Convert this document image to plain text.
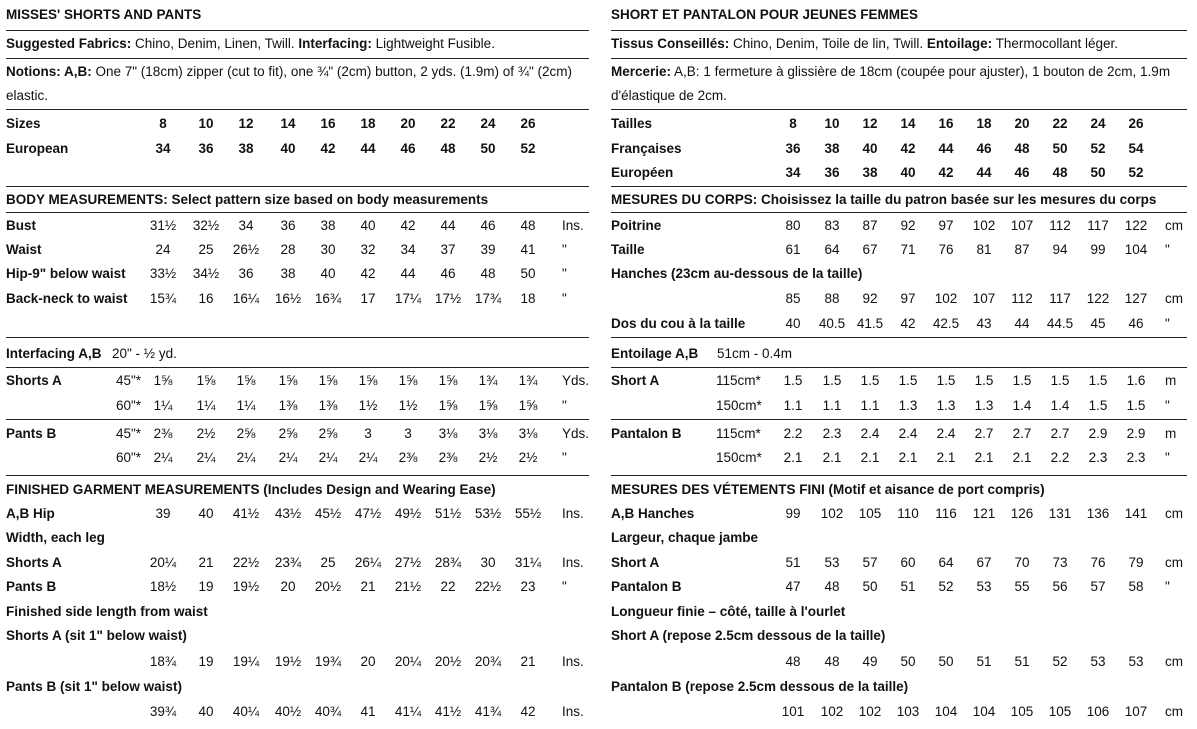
MISSES' SHORTS AND PANTS
Suggested Fabrics: Chino, Denim, Linen, Twill. Interfacing: Lightweight Fusible.
Notions: A,B: One 7" (18cm) zipper (cut to fit), one ¾" (2cm) button, 2 yds. (1.9m) of ¾" (2cm) elastic.
Sizes	8 10 12 14 16 18 20 22 24 26
European	34 36 38 40 42 44 46 48 50 52
BODY MEASUREMENTS: Select pattern size based on body measurements
Bust	31½ 32½ 34 36 38 40 42 44 46 48 Ins.
Waist	24 25 26½ 28 30 32 34 37 39 41 "
Hip-9" below waist 33½ 34½ 36 38 40 42 44 46 48 50 "
Back-neck to waist 15¾ 16 16¼ 16½ 16¾ 17 17¼ 17½ 17¾ 18 "
Interfacing A,B 20" - ½ yd.
Shorts A	45"* 1⅝ 1⅝ 1⅝ 1⅝ 1⅝ 1⅝ 1⅝ 1⅝ 1¾ 1¾ Yds.
60"* 1¼ 1¼ 1¼ 1⅜ 1⅜ 1½ 1½ 1⅝ 1⅝ 1⅝ "
Pants B	45"* 2⅜ 2½ 2⅝ 2⅝ 2⅝ 3 3 3⅛ 3⅛ 3⅛ Yds.
60"* 2¼ 2¼ 2¼ 2¼ 2¼ 2¼ 2⅜ 2⅜ 2½ 2½ "
FINISHED GARMENT MEASUREMENTS (Includes Design and Wearing Ease)
A,B Hip	39 40 41½ 43½ 45½ 47½ 49½ 51½ 53½ 55½ Ins.
Width, each leg
Shorts A	20¼ 21 22½ 23¾ 25 26¼ 27½ 28¾ 30 31¼ Ins.
Pants B	18½ 19 19½ 20 20½ 21 21½ 22 22½ 23 "
Finished side length from waist
Shorts A (sit 1" below waist)
18¾ 19 19¼ 19½ 19¾ 20 20¼ 20½ 20¾ 21 Ins.
Pants B (sit 1" below waist)
39¾ 40 40¼ 40½ 40¾ 41 41¼ 41½ 41¾ 42 Ins.
SHORT ET PANTALON POUR JEUNES FEMMES
Tissus Conseillés: Chino, Denim, Toile de lin, Twill. Entoilage: Thermocollant léger.
Mercerie: A,B: 1 fermeture à glissière de 18cm (coupée pour ajuster), 1 bouton de 2cm, 1.9m d'élastique de 2cm.
Tailles	8 10 12 14 16 18 20 22 24 26
Françaises	36 38 40 42 44 46 48 50 52 54
Européen	34 36 38 40 42 44 46 48 50 52
MESURES DU CORPS: Choisissez la taille du patron basée sur les mesures du corps
Poitrine	80 83 87 92 97 102 107 112 117 122 cm
Taille	61 64 67 71 76 81 87 94 99 104 "
Hanches (23cm au-dessous de la taille)
85 88 92 97 102 107 112 117 122 127 cm
Dos du cou à la taille	40 40.5 41.5 42 42.5 43 44 44.5 45 46 "
Entoilage A,B 51cm - 0.4m
Short A	115cm* 1.5 1.5 1.5 1.5 1.5 1.5 1.5 1.5 1.5 1.6 m
150cm* 1.1 1.1 1.1 1.3 1.3 1.3 1.4 1.4 1.5 1.5 "
Pantalon B	115cm* 2.2 2.3 2.4 2.4 2.4 2.7 2.7 2.7 2.9 2.9 m
150cm* 2.1 2.1 2.1 2.1 2.1 2.1 2.1 2.2 2.3 2.3 "
MESURES DES VÉTEMENTS FINI (Motif et aisance de port compris)
A,B Hanches	99 102 105 110 116 121 126 131 136 141 cm
Largeur, chaque jambe
Short A	51 53 57 60 64 67 70 73 76 79 cm
Pantalon B	47 48 50 51 52 53 55 56 57 58 "
Longueur finie – côté, taille à l'ourlet
Short A (repose 2.5cm dessous de la taille)
48 48 49 50 50 51 51 52 53 53 cm
Pantalon B (repose 2.5cm dessous de la taille)
101 102 102 103 104 104 105 105 106 107 cm
